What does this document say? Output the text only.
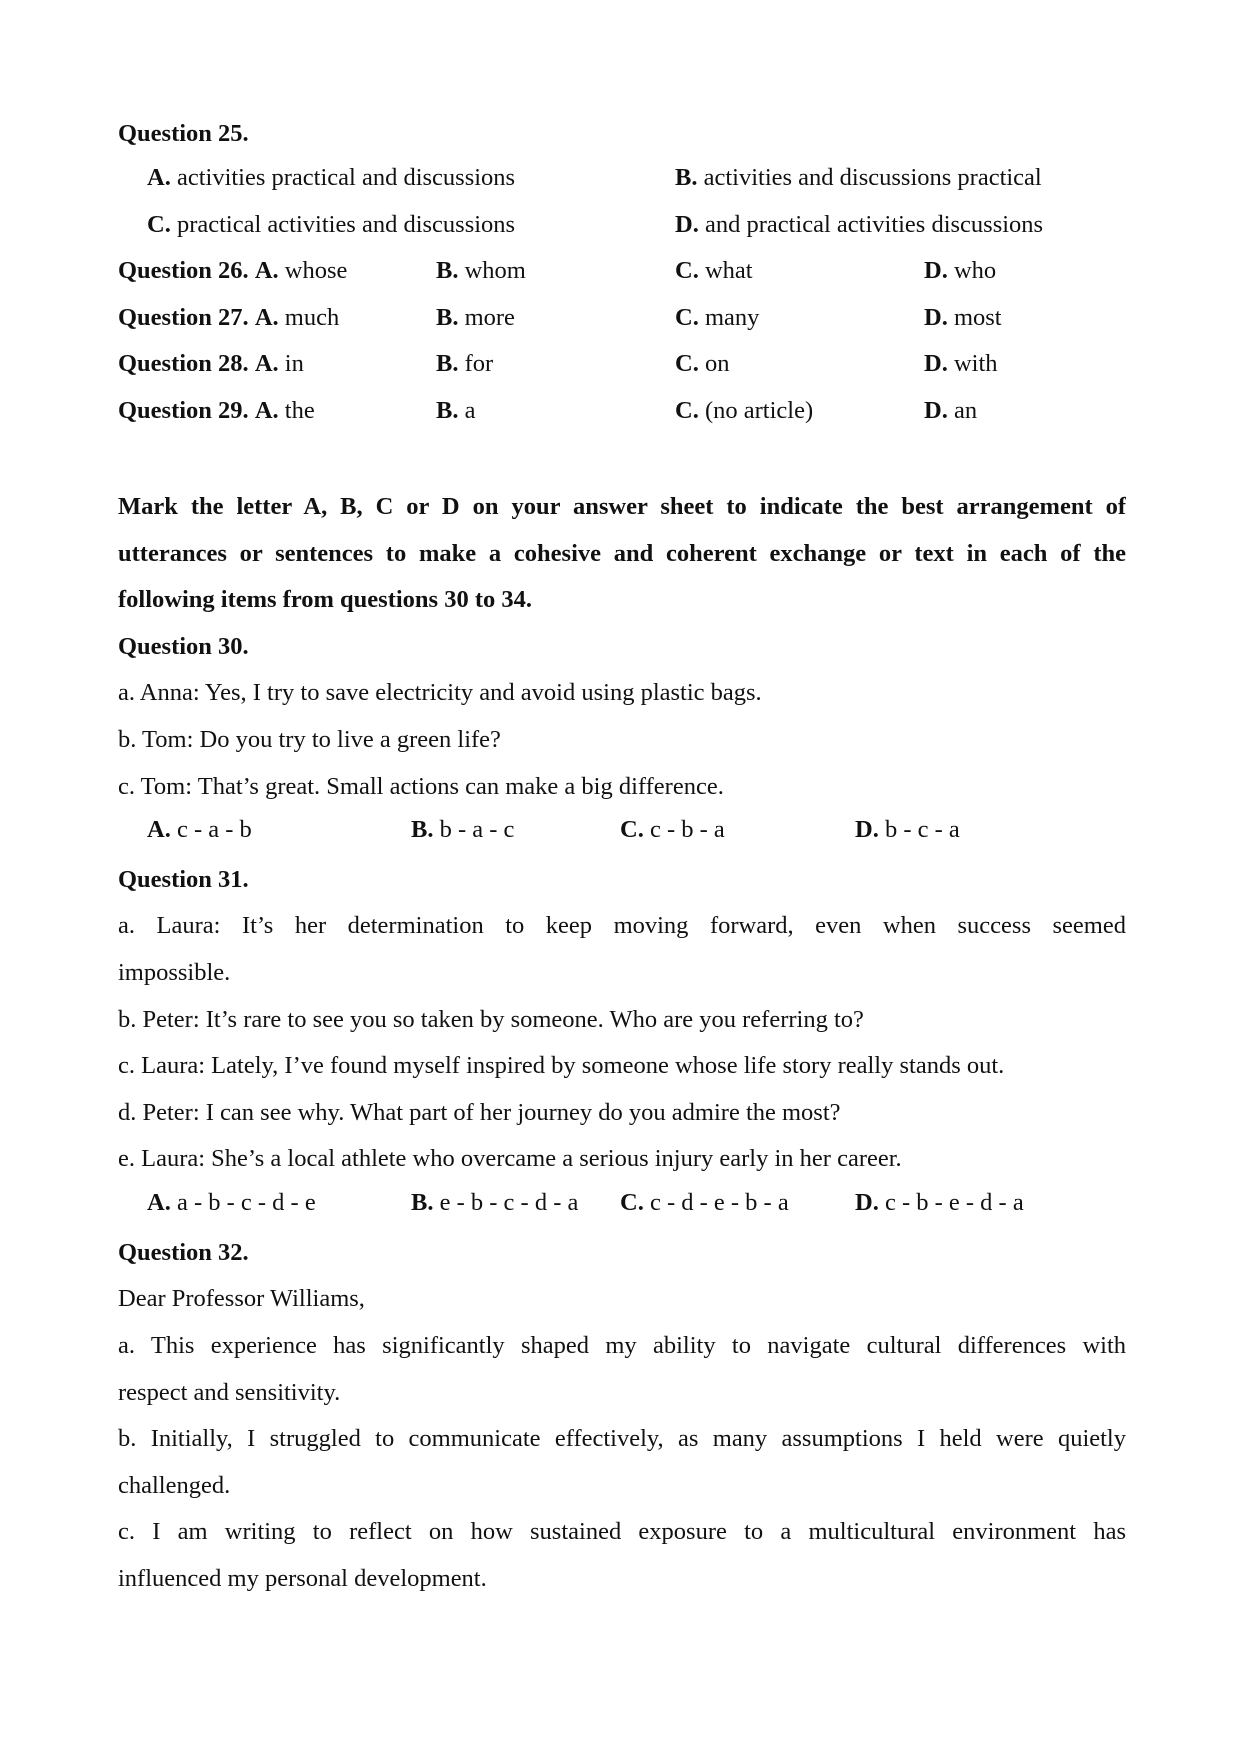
Question 25.
A. activities practical and discussions	B. activities and discussions practical
C. practical activities and discussions	D. and practical activities discussions
Question 26. A. whose	B. whom	C. what	D. who
Question 27. A. much	B. more	C. many	D. most
Question 28. A. in	B. for	C. on	D. with
Question 29. A. the	B. a	C. (no article)	D. an
Mark the letter A, B, C or D on your answer sheet to indicate the best arrangement of
utterances or sentences to make a cohesive and coherent exchange or text in each of the
following items from questions 30 to 34.
Question 30.
a. Anna: Yes, I try to save electricity and avoid using plastic bags.
b. Tom: Do you try to live a green life?
c. Tom: That’s great. Small actions can make a big difference.
A. c - a - b	B. b - a - c	C. c - b - a	D. b - c - a
Question 31.
a. Laura: It’s her determination to keep moving forward, even when success seemed
impossible.
b. Peter: It’s rare to see you so taken by someone. Who are you referring to?
c. Laura: Lately, I’ve found myself inspired by someone whose life story really stands out.
d. Peter: I can see why. What part of her journey do you admire the most?
e. Laura: She’s a local athlete who overcame a serious injury early in her career.
A. a - b - c - d - e	B. e - b - c - d - a C. c - d - e - b - a	D. c - b - e - d - a
Question 32.
Dear Professor Williams,
a. This experience has significantly shaped my ability to navigate cultural differences with
respect and sensitivity.
b. Initially, I struggled to communicate effectively, as many assumptions I held were quietly
challenged.
c. I am writing to reflect on how sustained exposure to a multicultural environment has
influenced my personal development.
